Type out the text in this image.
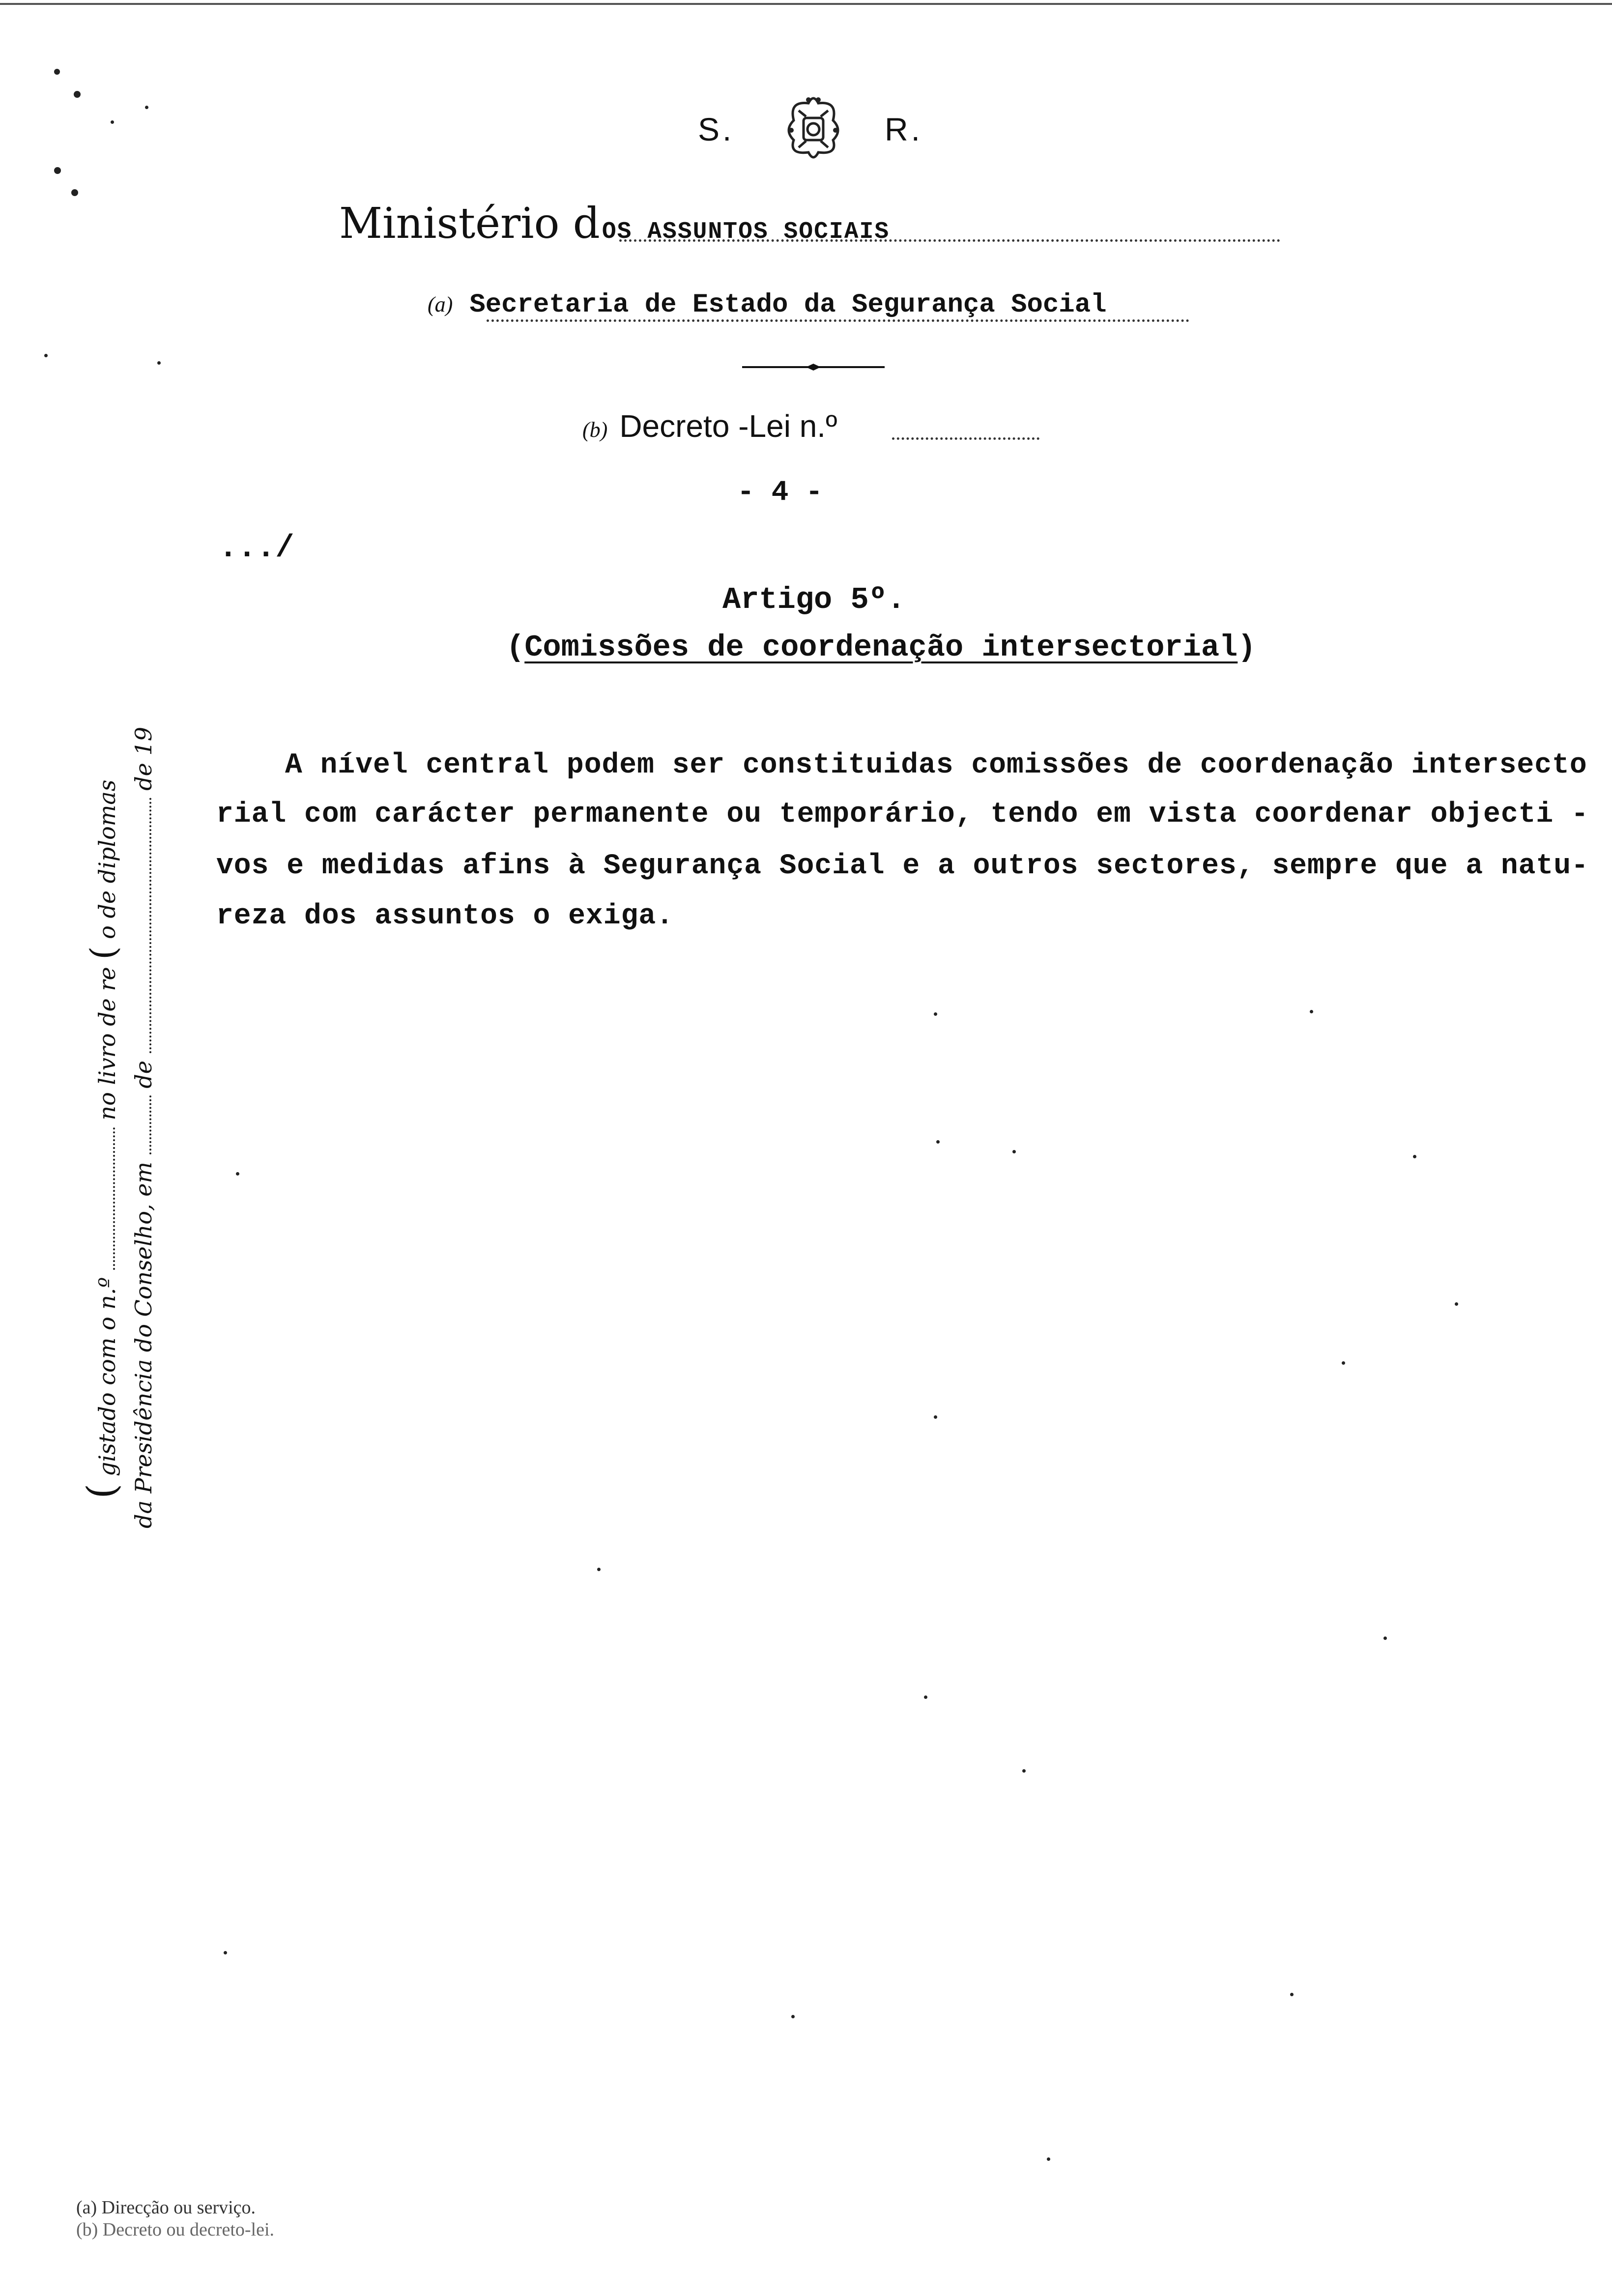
S.	R.
Ministério d OS ASSUNTOS SOCIAIS
(a) Secretaria de Estado da Segurança Social
(b) Decreto -Lei n.º
- 4 -
.../
Artigo 5º.
(Comissões de coordenação intersectorial)
A nível central podem ser constituidas comissões de coordenação intersecto
rial com carácter permanente ou temporário, tendo em vista coordenar objecti -
vos e medidas afins à Segurança Social e a outros sectores, sempre que a natu-
reza dos assuntos o exiga.
( gistado com o n.º  no livro de re ( o de diplomas
da Presidência do Conselho, em  de  de 19
(a) Direcção ou serviço.
(b) Decreto ou decreto-lei.
